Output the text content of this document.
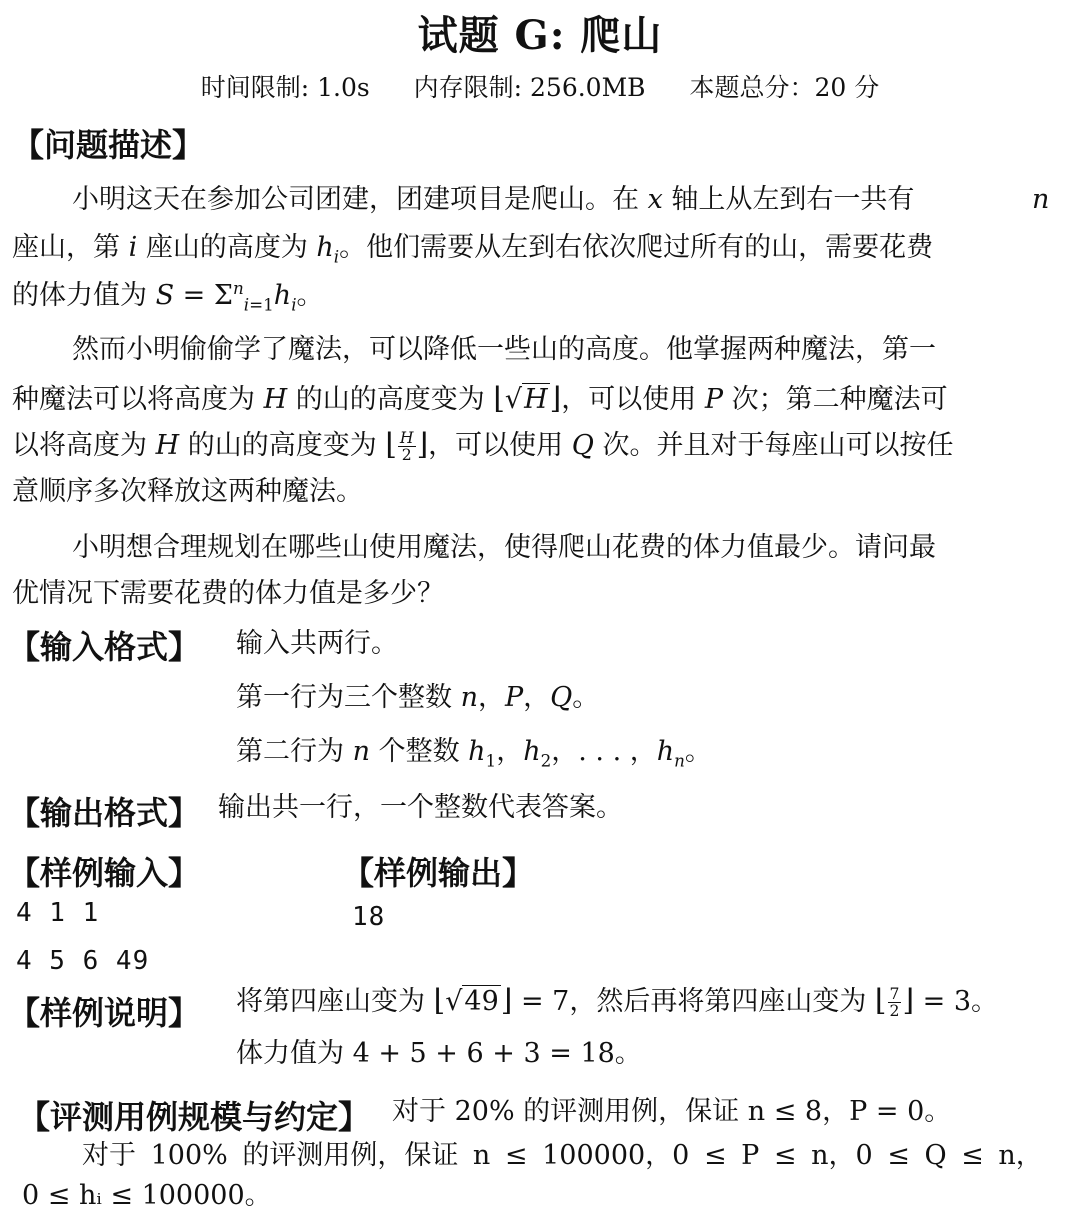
试题 G: 爬山
时间限制: 1.0s 内存限制: 256.0MB 本题总分：20 分
【问题描述】
小明这天在参加公司团建，团建项目是爬山。在 x 轴上从左到右一共有	n
座山，第 i 座山的高度为 $h_i$。他们需要从左到右依次爬过所有的山，需要花费
的体力值为 $S = \Sigma^n_{i=1}h_i$。
然而小明偷偷学了魔法，可以降低一些山的高度。他掌握两种魔法，第一
种魔法可以将高度为 H 的山的高度变为 ⌊√H⌋，可以使用 P 次；第二种魔法可
以将高度为 H 的山的高度变为 ⌊ $\frac{H}{2}$ ⌋，可以使用 Q 次。并且对于每座山可以按任
意顺序多次释放这两种魔法。
小明想合理规划在哪些山使用魔法，使得爬山花费的体力值最少。请问最
优情况下需要花费的体力值是多少？
【输入格式】 输入共两行。
第一行为三个整数 n，P，Q。
第二行为 n 个整数 $h_1$，$h_2$，. . . ，$h_n$。
【输出格式】 输出共一行，一个整数代表答案。
【样例输入】	【样例输出】
4 1 1
4 5 6 49
18
【样例说明】 将第四座山变为 ⌊√49⌋ = 7，然后再将第四座山变为 ⌊ $\frac{7}{2}$ ⌋ = 3。
体力值为 4 + 5 + 6 + 3 = 18。
【评测用例规模与约定】 对于 20% 的评测用例，保证 n ≤ 8，P = 0。
对于 100% 的评测用例，保证 n ≤ 100000，0 ≤ P ≤ n，0 ≤ Q ≤ n，
0 ≤ hᵢ ≤ 100000。
